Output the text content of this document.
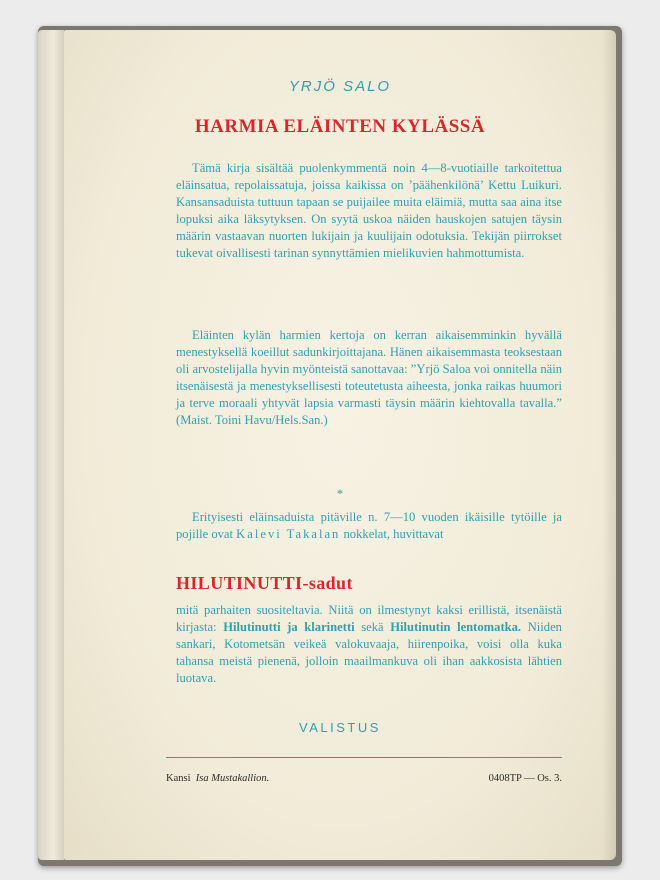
YRJÖ SALO
HARMIA ELÄINTEN KYLÄSSÄ
Tämä kirja sisältää puolenkymmentä noin 4—8-vuotiaille tarkoitettua eläinsatua, repolaissatuja, joissa kaikissa on ’päähenkilönä’ Kettu Luikuri. Kansansaduista tuttuun tapaan se puijailee muita eläimiä, mutta saa aina itse lopuksi aika läksytyksen. On syytä uskoa näiden hauskojen satujen täysin määrin vastaavan nuorten lukijain ja kuulijain odotuksia. Tekijän piirrokset tukevat oivallisesti tarinan synnyttämien mielikuvien hahmottumista.
Eläinten kylän harmien kertoja on kerran aikaisemminkin hyvällä menestyksellä koeillut sadunkirjoittajana. Hänen aikaisemmasta teoksestaan oli arvostelijalla hyvin myönteistä sanottavaa: ”Yrjö Saloa voi onnitella näin itsenäisestä ja menestyksellisesti toteutetusta aiheesta, jonka raikas huumori ja terve moraali yhtyvät lapsia varmasti täysin määrin kiehtovalla tavalla.” (Maist. Toini Havu/Hels.San.)
*
Erityisesti eläinsaduista pitäville n. 7—10 vuoden ikäisille tytöille ja pojille ovat Kalevi Takalan nokkelat, huvittavat
HILUTINUTTI-sadut
mitä parhaiten suositeltavia. Niitä on ilmestynyt kaksi erillistä, itsenäistä kirjasta: Hilutinutti ja klarinetti sekä Hilutinutin lentomatka. Niiden sankari, Kotometsän veikeä valokuvaaja, hiirenpoika, voisi olla kuka tahansa meistä pienenä, jolloin maailmankuva oli ihan aakkosista lähtien luotava.
VALISTUS
Kansi Isa Mustakallion.	0408TP — Os. 3.
